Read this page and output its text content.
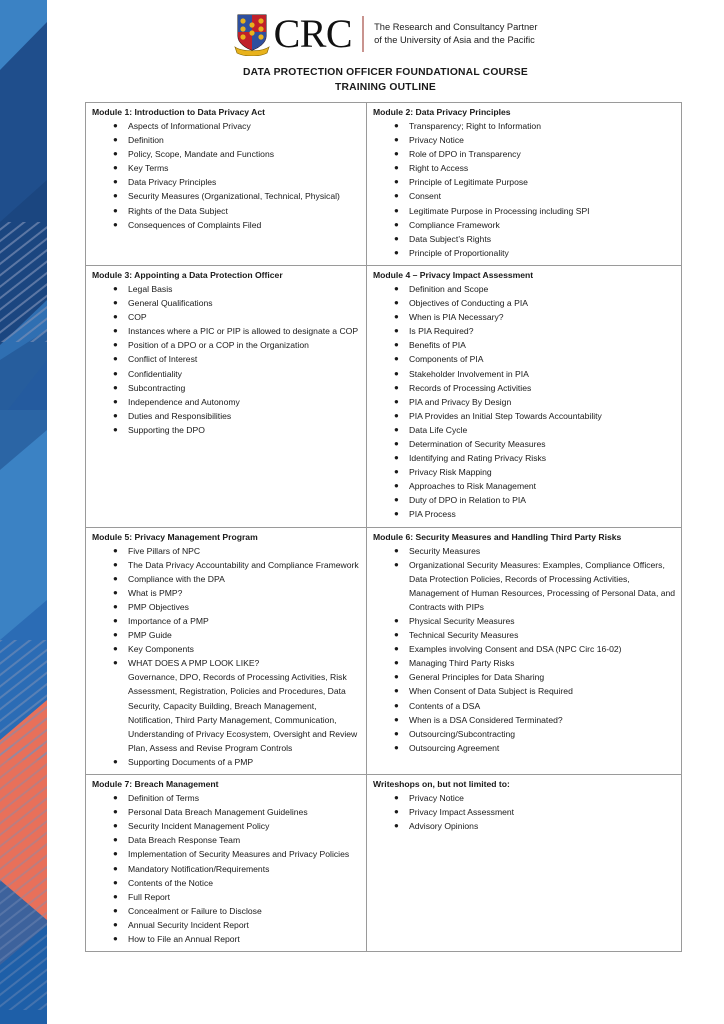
CRC	The Research and Consultancy Partner
of the University of Asia and the Pacific
DATA PROTECTION OFFICER FOUNDATIONAL COURSE
TRAINING OUTLINE
Module 1: Introduction to Data Privacy Act
● Aspects of Informational Privacy
● Definition
● Policy, Scope, Mandate and Functions
● Key Terms
● Data Privacy Principles
● Security Measures (Organizational, Technical, Physical)
● Rights of the Data Subject
● Consequences of Complaints Filed

Module 2: Data Privacy Principles
● Transparency; Right to Information
● Privacy Notice
● Role of DPO in Transparency
● Right to Access
● Principle of Legitimate Purpose
● Consent
● Legitimate Purpose in Processing including SPI
● Compliance Framework
● Data Subject’s Rights
● Principle of Proportionality

Module 3: Appointing a Data Protection Officer
● Legal Basis
● General Qualifications
● COP
● Instances where a PIC or PIP is allowed to designate a COP
● Position of a DPO or a COP in the Organization
● Conflict of Interest
● Confidentiality
● Subcontracting
● Independence and Autonomy
● Duties and Responsibilities
● Supporting the DPO

Module 4 – Privacy Impact Assessment
● Definition and Scope
● Objectives of Conducting a PIA
● When is PIA Necessary?
● Is PIA Required?
● Benefits of PIA
● Components of PIA
● Stakeholder Involvement in PIA
● Records of Processing Activities
● PIA and Privacy By Design
● PIA Provides an Initial Step Towards Accountability
● Data Life Cycle
● Determination of Security Measures
● Identifying and Rating Privacy Risks
● Privacy Risk Mapping
● Approaches to Risk Management
● Duty of DPO in Relation to PIA
● PIA Process

Module 5: Privacy Management Program
● Five Pillars of NPC
● The Data Privacy Accountability and Compliance Framework
● Compliance with the DPA
● What is PMP?
● PMP Objectives
● Importance of a PMP
● PMP Guide
● Key Components
● WHAT DOES A PMP LOOK LIKE?
Governance, DPO, Records of Processing Activities, Risk Assessment, Registration, Policies and Procedures, Data Security, Capacity Building, Breach Management, Notification, Third Party Management, Communication, Understanding of Privacy Ecosystem, Oversight and Review Plan, Assess and Revise Program Controls
● Supporting Documents of a PMP

Module 6: Security Measures and Handling Third Party Risks
● Security Measures
● Organizational Security Measures: Examples, Compliance Officers, Data Protection Policies, Records of Processing Activities, Management of Human Resources, Processing of Personal Data, and Contracts with PIPs
● Physical Security Measures
● Technical Security Measures
● Examples involving Consent and DSA (NPC Circ 16-02)
● Managing Third Party Risks
● General Principles for Data Sharing
● When Consent of Data Subject is Required
● Contents of a DSA
● When is a DSA Considered Terminated?
● Outsourcing/Subcontracting
● Outsourcing Agreement

Module 7: Breach Management
● Definition of Terms
● Personal Data Breach Management Guidelines
● Security Incident Management Policy
● Data Breach Response Team
● Implementation of Security Measures and Privacy Policies
● Mandatory Notification/Requirements
● Contents of the Notice
● Full Report
● Concealment or Failure to Disclose
● Annual Security Incident Report
● How to File an Annual Report

Writeshops on, but not limited to:
● Privacy Notice
● Privacy Impact Assessment
● Advisory Opinions
